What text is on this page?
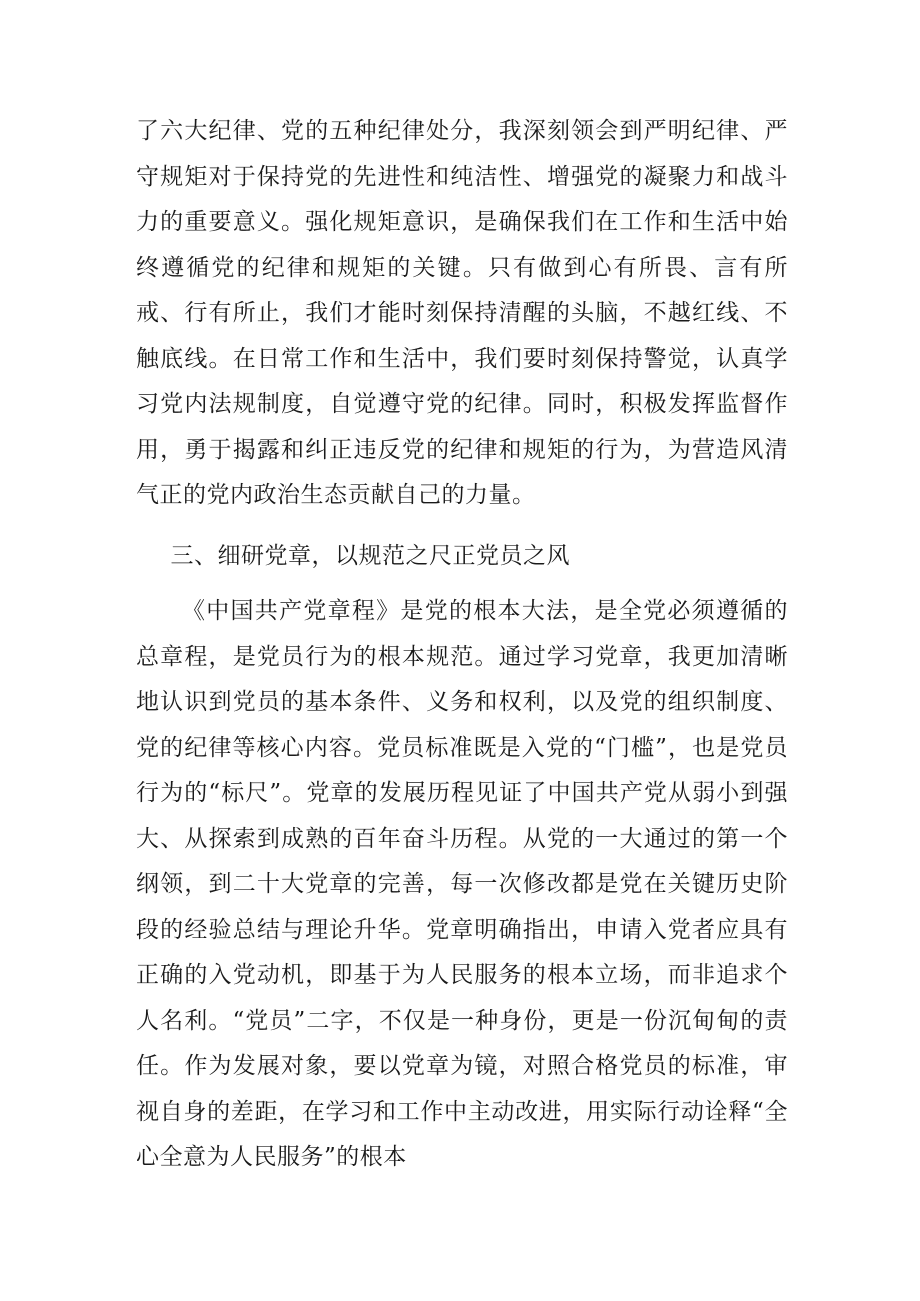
了六大纪律、党的五种纪律处分，我深刻领会到严明纪律、严守规矩对于保持党的先进性和纯洁性、增强党的凝聚力和战斗力的重要意义。强化规矩意识，是确保我们在工作和生活中始终遵循党的纪律和规矩的关键。只有做到心有所畏、言有所戒、行有所止，我们才能时刻保持清醒的头脑，不越红线、不触底线。在日常工作和生活中，我们要时刻保持警觉，认真学习党内法规制度，自觉遵守党的纪律。同时，积极发挥监督作用，勇于揭露和纠正违反党的纪律和规矩的行为，为营造风清气正的党内政治生态贡献自己的力量。

三、细研党章，以规范之尺正党员之风

《中国共产党章程》是党的根本大法，是全党必须遵循的总章程，是党员行为的根本规范。通过学习党章，我更加清晰地认识到党员的基本条件、义务和权利，以及党的组织制度、党的纪律等核心内容。党员标准既是入党的“门槛”，也是党员行为的“标尺”。党章的发展历程见证了中国共产党从弱小到强大、从探索到成熟的百年奋斗历程。从党的一大通过的第一个纲领，到二十大党章的完善，每一次修改都是党在关键历史阶段的经验总结与理论升华。党章明确指出，申请入党者应具有正确的入党动机，即基于为人民服务的根本立场，而非追求个人名利。“党员”二字，不仅是一种身份，更是一份沉甸甸的责任。作为发展对象，要以党章为镜，对照合格党员的标准，审视自身的差距，在学习和工作中主动改进，用实际行动诠释“全心全意为人民服务”的根本
